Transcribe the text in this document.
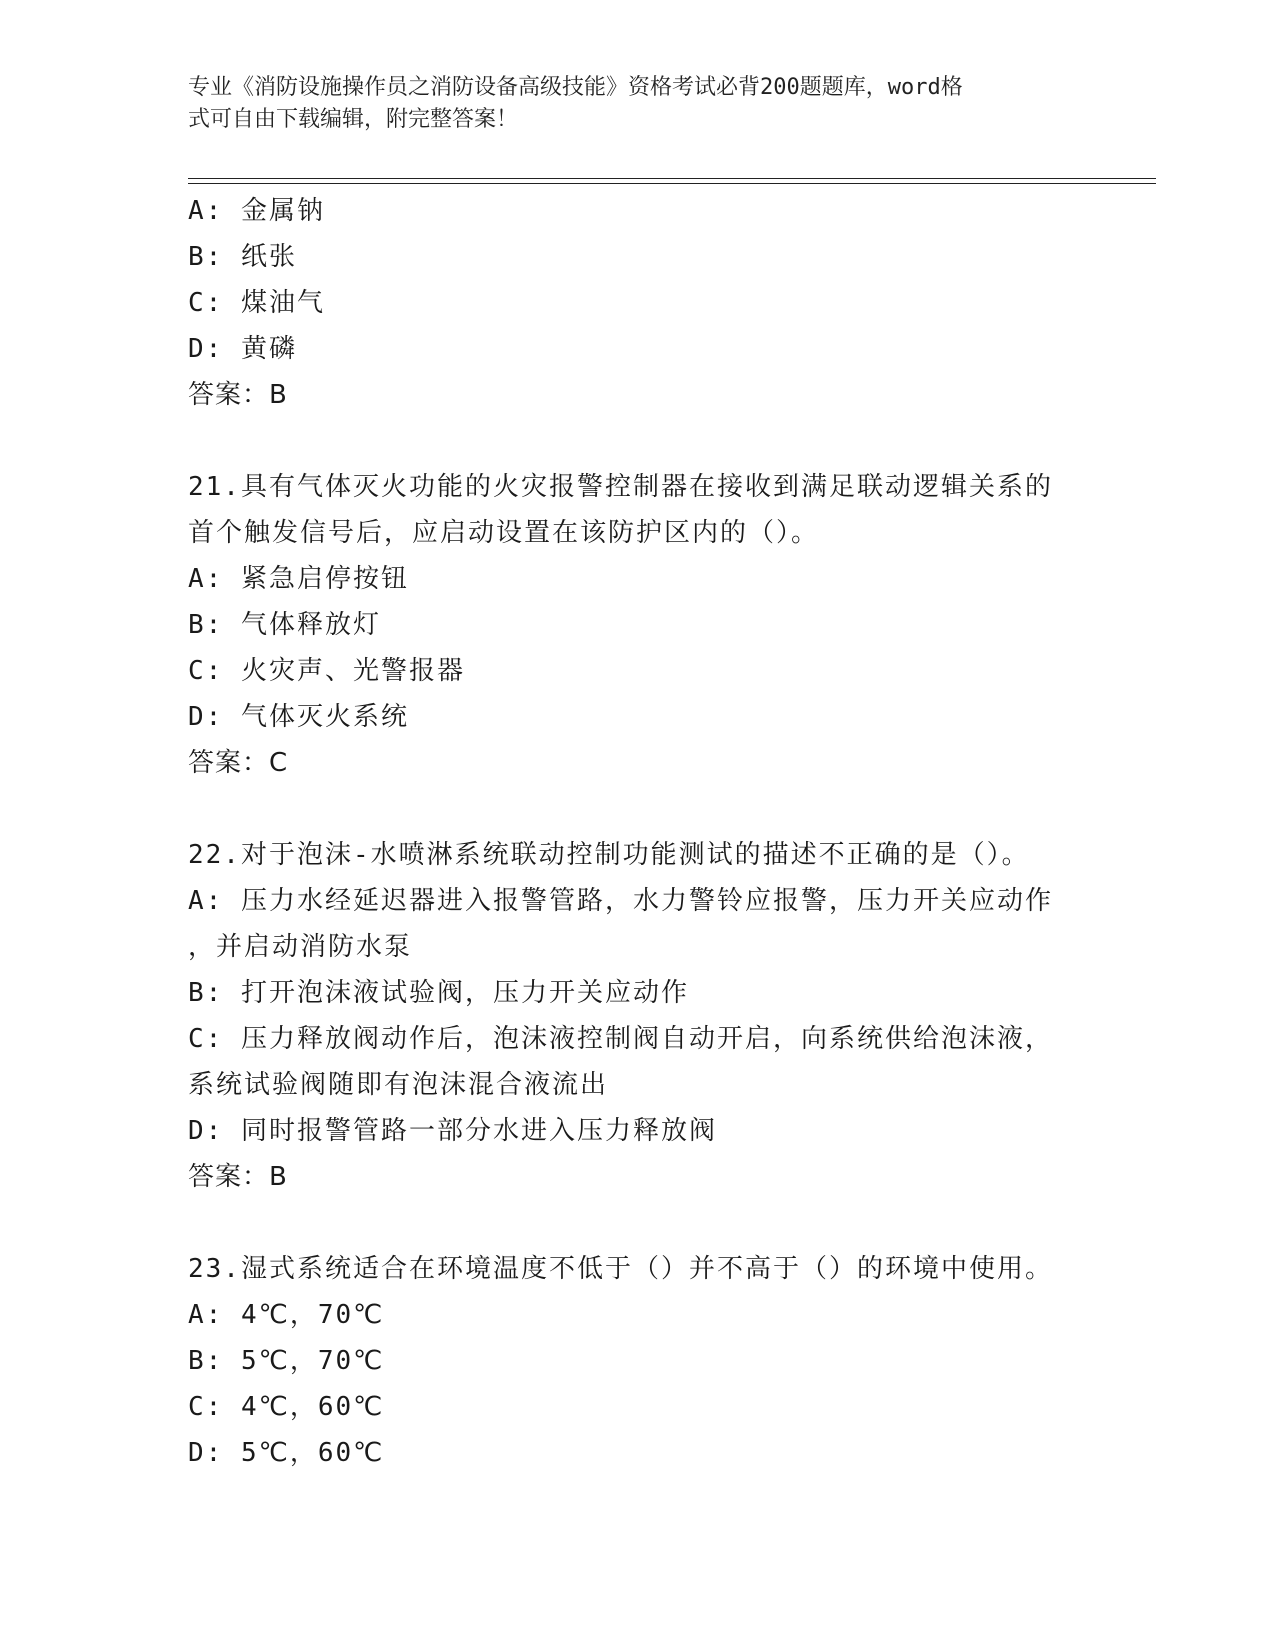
专业《消防设施操作员之消防设备高级技能》资格考试必背200题题库，word格
式可自由下载编辑，附完整答案！
A: 金属钠
B: 纸张
C: 煤油气
D: 黄磷
答案：B
21.具有气体灭火功能的火灾报警控制器在接收到满足联动逻辑关系的
首个触发信号后，应启动设置在该防护区内的（）。
A: 紧急启停按钮
B: 气体释放灯
C: 火灾声、光警报器
D: 气体灭火系统
答案：C
22.对于泡沫-水喷淋系统联动控制功能测试的描述不正确的是（）。
A: 压力水经延迟器进入报警管路，水力警铃应报警，压力开关应动作
，并启动消防水泵
B: 打开泡沫液试验阀，压力开关应动作
C: 压力释放阀动作后，泡沫液控制阀自动开启，向系统供给泡沫液，
系统试验阀随即有泡沫混合液流出
D: 同时报警管路一部分水进入压力释放阀
答案：B
23.湿式系统适合在环境温度不低于（）并不高于（）的环境中使用。
A: 4℃，70℃
B: 5℃，70℃
C: 4℃，60℃
D: 5℃，60℃
